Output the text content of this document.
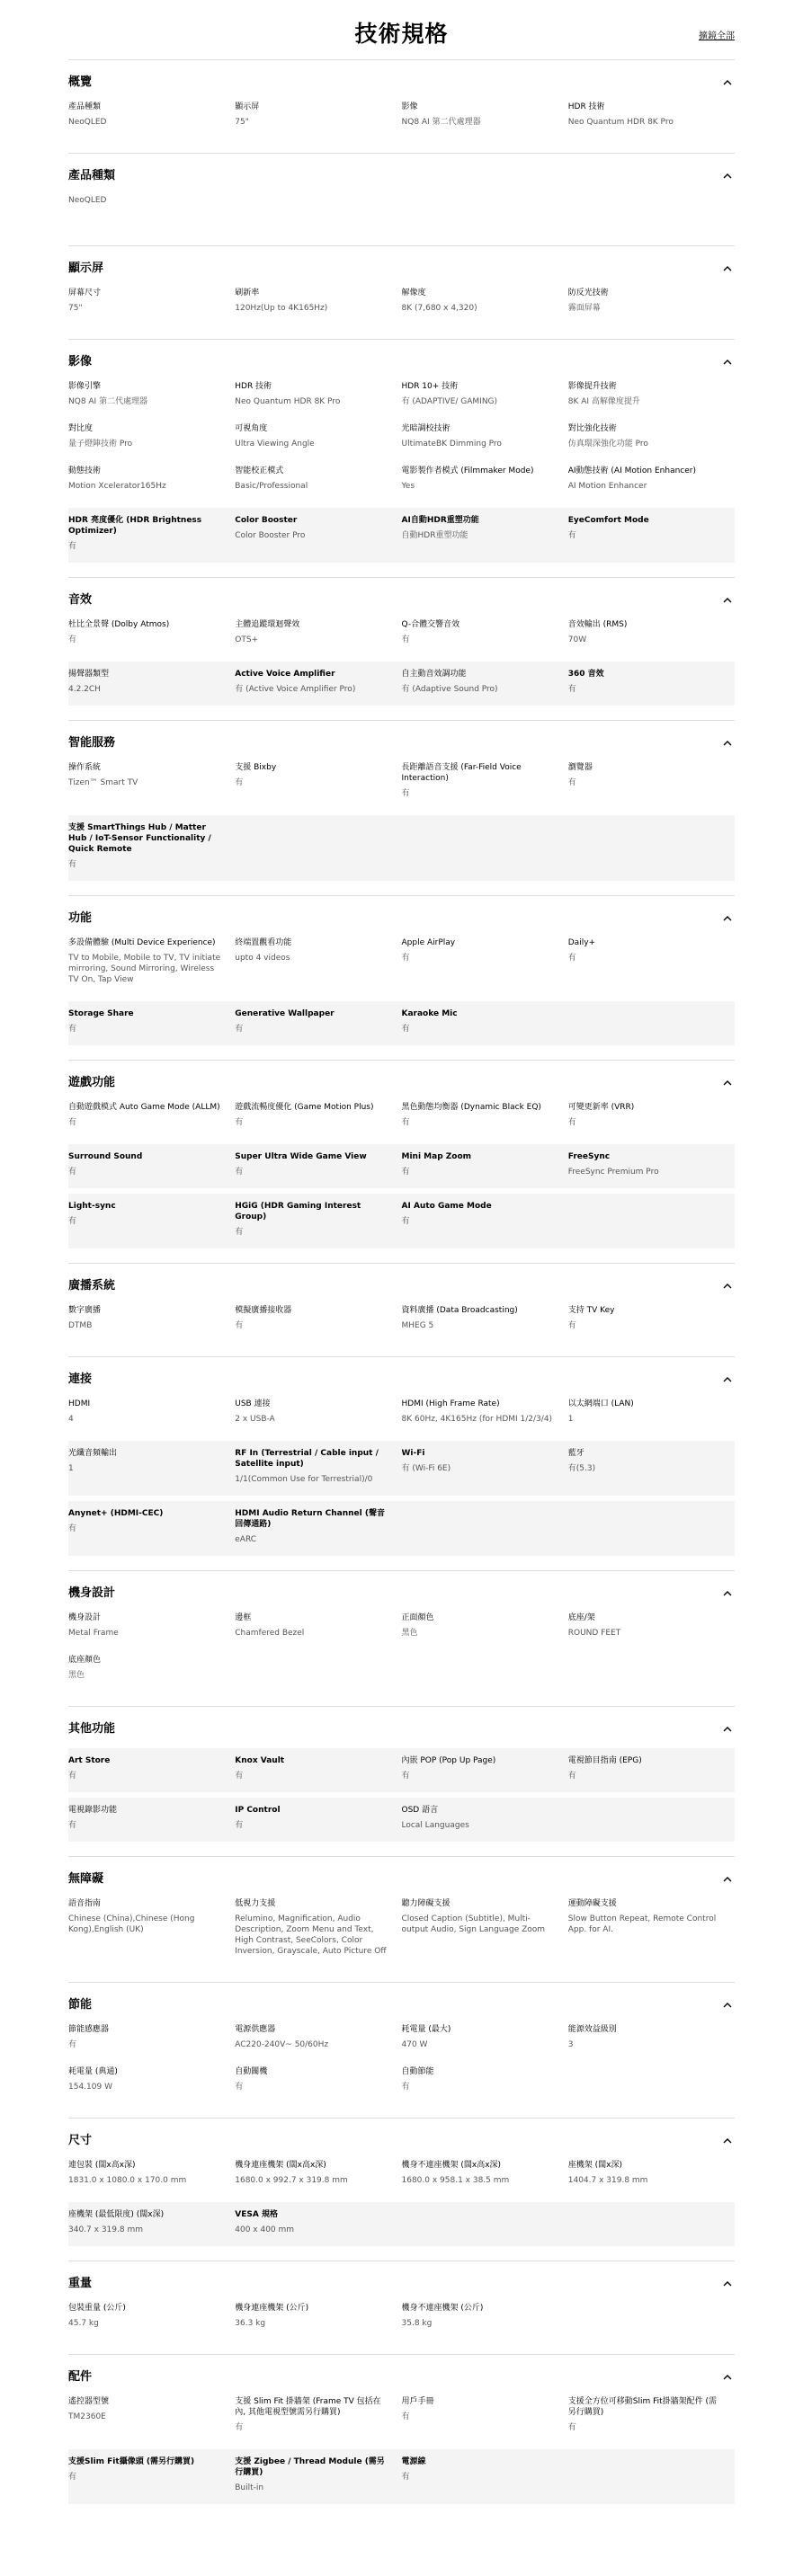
技術規格	擴鏡全部
概覽
產品種類
NeoQLED
顯示屏
75"
影像
NQ8 AI 第二代處理器
HDR 技術
Neo Quantum HDR 8K Pro
產品種類
NeoQLED
顯示屏
屏幕尺寸
75"
刷新率
120Hz(Up to 4K165Hz)
解像度
8K (7,680 x 4,320)
防反光技術
霧面屏幕
影像
影像引擎
NQ8 AI 第二代處理器
HDR 技術
Neo Quantum HDR 8K Pro
HDR 10+ 技術
有 (ADAPTIVE/ GAMING)
影像提升技術
8K AI 高解像度提升
對比度
量子燈陣技術 Pro
可視角度
Ultra Viewing Angle
光暗調校技術
UltimateBK Dimming Pro
對比強化技術
仿真環深強化功能 Pro
動態技術
Motion Xcelerator165Hz
智能校正模式
Basic/Professional
電影製作者模式 (Filmmaker Mode)
Yes
AI動態技術 (AI Motion Enhancer)
AI Motion Enhancer
HDR 亮度優化 (HDR Brightness Optimizer)
有
Color Booster
Color Booster Pro
AI自動HDR重塑功能
自動HDR重塑功能
EyeComfort Mode
有
音效
杜比全景聲 (Dolby Atmos)
有
主體追蹤環迴聲效
OTS+
Q-合體交響音效
有
音效輸出 (RMS)
70W
揚聲器類型
4.2.2CH
Active Voice Amplifier
有 (Active Voice Amplifier Pro)
自主動音效調功能
有 (Adaptive Sound Pro)
360 音效
有
智能服務
操作系統
Tizen™ Smart TV
支援 Bixby
有
長距離語音支援 (Far-Field Voice Interaction)
有
瀏覽器
有
支援 SmartThings Hub / Matter Hub / IoT-Sensor Functionality / Quick Remote
有
功能
多設備體驗 (Multi Device Experience)
TV to Mobile, Mobile to TV, TV initiate mirroring, Sound Mirroring, Wireless TV On, Tap View
終端置觀看功能
upto 4 videos
Apple AirPlay
有
Daily+
有
Storage Share
有
Generative Wallpaper
有
Karaoke Mic
有
遊戲功能
自動遊戲模式 Auto Game Mode (ALLM)
有
遊戲流暢度優化 (Game Motion Plus)
有
黑色動態均衡器 (Dynamic Black EQ)
有
可變更新率 (VRR)
有
Surround Sound
有
Super Ultra Wide Game View
有
Mini Map Zoom
有
FreeSync
FreeSync Premium Pro
Light-sync
有
HGiG (HDR Gaming Interest Group)
有
AI Auto Game Mode
有
廣播系統
數字廣播
DTMB
模擬廣播接收器
有
資料廣播 (Data Broadcasting)
MHEG 5
支持 TV Key
有
連接
HDMI
4
USB 連接
2 x USB-A
HDMI (High Frame Rate)
8K 60Hz, 4K165Hz (for HDMI 1/2/3/4)
以太網端口 (LAN)
1
光纖音頻輸出
1
RF In (Terrestrial / Cable input / Satellite input)
1/1(Common Use for Terrestrial)/0
Wi-Fi
有 (Wi-Fi 6E)
藍牙
有(5.3)
Anynet+ (HDMI-CEC)
有
HDMI Audio Return Channel (聲音回傳通路)
eARC
機身設計
機身設計
Metal Frame
邊框
Chamfered Bezel
正面顏色
黑色
底座/架
ROUND FEET
底座顏色
黑色
其他功能
Art Store
有
Knox Vault
有
內嵌 POP (Pop Up Page)
有
電視節目指南 (EPG)
有
電視錄影功能
有
IP Control
有
OSD 語言
Local Languages
無障礙
語音指南
Chinese (China),Chinese (Hong Kong),English (UK)
低視力支援
Relumino, Magnification, Audio Description, Zoom Menu and Text, High Contrast, SeeColors, Color Inversion, Grayscale, Auto Picture Off
聽力障礙支援
Closed Caption (Subtitle), Multi-output Audio, Sign Language Zoom
運動障礙支援
Slow Button Repeat, Remote Control App. for AI.
節能
節能感應器
有
電源供應器
AC220-240V~ 50/60Hz
耗電量 (最大)
470 W
能源效益級別
3
耗電量 (典通)
154.109 W
自動關機
有
自動節能
有
尺寸
連包裝 (闊x高x深)
1831.0 x 1080.0 x 170.0 mm
機身連座機架 (闊x高x深)
1680.0 x 992.7 x 319.8 mm
機身不連座機架 (闊x高x深)
1680.0 x 958.1 x 38.5 mm
座機架 (闊x深)
1404.7 x 319.8 mm
座機架 (最低限度) (闊x深)
340.7 x 319.8 mm
VESA 規格
400 x 400 mm
重量
包裝重量 (公斤)
45.7 kg
機身連座機架 (公斤)
36.3 kg
機身不連座機架 (公斤)
35.8 kg
配件
遙控器型號
TM2360E
支援 Slim Fit 掛牆架 (Frame TV 包括在內, 其他電視型號需另行購買)
有
用戶手冊
有
支援全方位可移動Slim Fit掛牆架配件 (需另行購買)
有
支援Slim Fit攝像頭 (需另行購買)
有
支援 Zigbee / Thread Module (需另行購買)
Built-in
電源線
有
